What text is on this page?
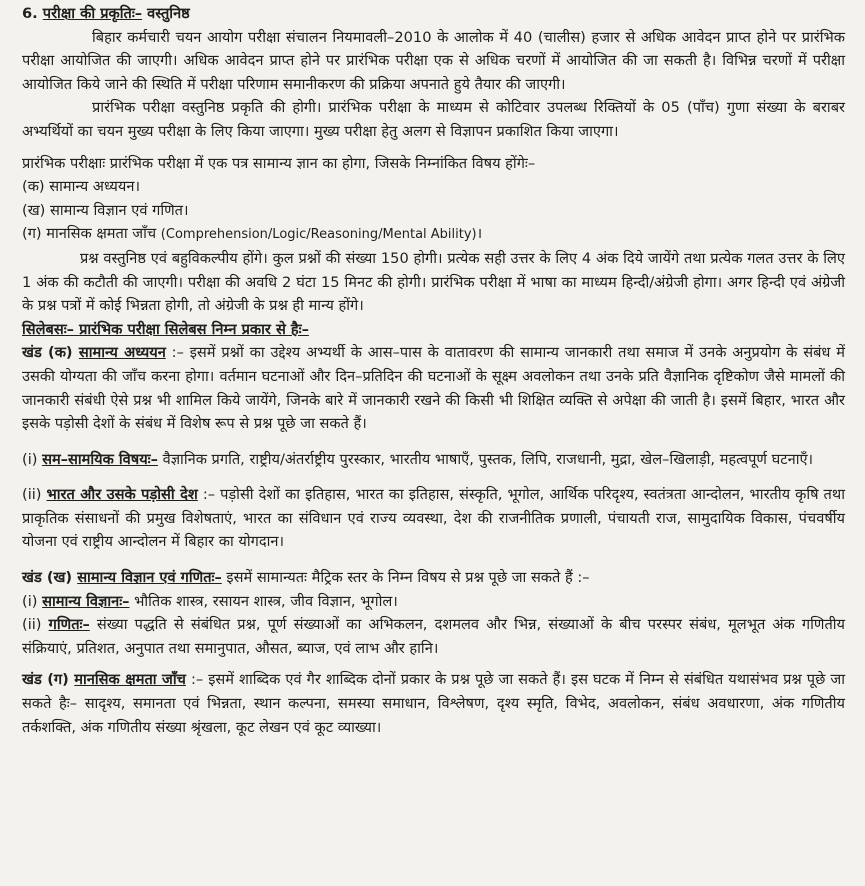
6. परीक्षा की प्रकृतिः– वस्तुनिष्ठ

बिहार कर्मचारी चयन आयोग परीक्षा संचालन नियमावली–2010 के आलोक में 40 (चालीस) हजार से अधिक आवेदन प्राप्त होने पर प्रारंभिक परीक्षा आयोजित की जाएगी। अधिक आवेदन प्राप्त होने पर प्रारंभिक परीक्षा एक से अधिक चरणों में आयोजित की जा सकती है। विभिन्न चरणों में परीक्षा आयोजित किये जाने की स्थिति में परीक्षा परिणाम समानीकरण की प्रक्रिया अपनाते हुये तैयार की जाएगी।

प्रारंभिक परीक्षा वस्तुनिष्ठ प्रकृति की होगी। प्रारंभिक परीक्षा के माध्यम से कोटिवार उपलब्ध रिक्तियों के 05 (पाँच) गुणा संख्या के बराबर अभ्यर्थियों का चयन मुख्य परीक्षा के लिए किया जाएगा। मुख्य परीक्षा हेतु अलग से विज्ञापन प्रकाशित किया जाएगा।

प्रारंभिक परीक्षाः प्रारंभिक परीक्षा में एक पत्र सामान्य ज्ञान का होगा, जिसके निम्नांकित विषय होंगेः–

(क) सामान्य अध्ययन।

(ख) सामान्य विज्ञान एवं गणित।

(ग) मानसिक क्षमता जाँच (Comprehension/Logic/Reasoning/Mental Ability)।

प्रश्न वस्तुनिष्ठ एवं बहुविकल्पीय होंगे। कुल प्रश्नों की संख्या 150 होगी। प्रत्येक सही उत्तर के लिए 4 अंक दिये जायेंगे तथा प्रत्येक गलत उत्तर के लिए 1 अंक की कटौती की जाएगी। परीक्षा की अवधि 2 घंटा 15 मिनट की होगी। प्रारंभिक परीक्षा में भाषा का माध्यम हिन्दी/अंग्रेजी होगा। अगर हिन्दी एवं अंग्रेजी के प्रश्न पत्रों में कोई भिन्नता होगी, तो अंग्रेजी के प्रश्न ही मान्य होंगे।

सिलेबसः– प्रारंभिक परीक्षा सिलेबस निम्न प्रकार से हैः–

खंड (क) सामान्य अध्ययन :– इसमें प्रश्नों का उद्देश्य अभ्यर्थी के आस–पास के वातावरण की सामान्य जानकारी तथा समाज में उनके अनुप्रयोग के संबंध में उसकी योग्यता की जाँच करना होगा। वर्तमान घटनाओं और दिन–प्रतिदिन की घटनाओं के सूक्ष्म अवलोकन तथा उनके प्रति वैज्ञानिक दृष्टिकोण जैसे मामलों की जानकारी संबंधी ऐसे प्रश्न भी शामिल किये जायेंगे, जिनके बारे में जानकारी रखने की किसी भी शिक्षित व्यक्ति से अपेक्षा की जाती है। इसमें बिहार, भारत और इसके पड़ोसी देशों के संबंध में विशेष रूप से प्रश्न पूछे जा सकते हैं।

(i) सम–सामयिक विषयः– वैज्ञानिक प्रगति, राष्ट्रीय/अंतर्राष्ट्रीय पुरस्कार, भारतीय भाषाएँ, पुस्तक, लिपि, राजधानी, मुद्रा, खेल–खिलाड़ी, महत्वपूर्ण घटनाएँ।

(ii) भारत और उसके पड़ोसी देश :– पड़ोसी देशों का इतिहास, भारत का इतिहास, संस्कृति, भूगोल, आर्थिक परिदृश्य, स्वतंत्रता आन्दोलन, भारतीय कृषि तथा प्राकृतिक संसाधनों की प्रमुख विशेषताएं, भारत का संविधान एवं राज्य व्यवस्था, देश की राजनीतिक प्रणाली, पंचायती राज, सामुदायिक विकास, पंचवर्षीय योजना एवं राष्ट्रीय आन्दोलन में बिहार का योगदान।

खंड (ख) सामान्य विज्ञान एवं गणितः– इसमें सामान्यतः मैट्रिक स्तर के निम्न विषय से प्रश्न पूछे जा सकते हैं :–

(i) सामान्य विज्ञानः– भौतिक शास्त्र, रसायन शास्त्र, जीव विज्ञान, भूगोल।

(ii) गणितः– संख्या पद्धति से संबंधित प्रश्न, पूर्ण संख्याओं का अभिकलन, दशमलव और भिन्न, संख्याओं के बीच परस्पर संबंध, मूलभूत अंक गणितीय संक्रियाएं, प्रतिशत, अनुपात तथा समानुपात, औसत, ब्याज, एवं लाभ और हानि।

खंड (ग) मानसिक क्षमता जाँच :– इसमें शाब्दिक एवं गैर शाब्दिक दोनों प्रकार के प्रश्न पूछे जा सकते हैं। इस घटक में निम्न से संबंधित यथासंभव प्रश्न पूछे जा सकते हैः– सादृश्य, समानता एवं भिन्नता, स्थान कल्पना, समस्या समाधान, विश्लेषण, दृश्य स्मृति, विभेद, अवलोकन, संबंध अवधारणा, अंक गणितीय तर्कशक्ति, अंक गणितीय संख्या श्रृंखला, कूट लेखन एवं कूट व्याख्या।
